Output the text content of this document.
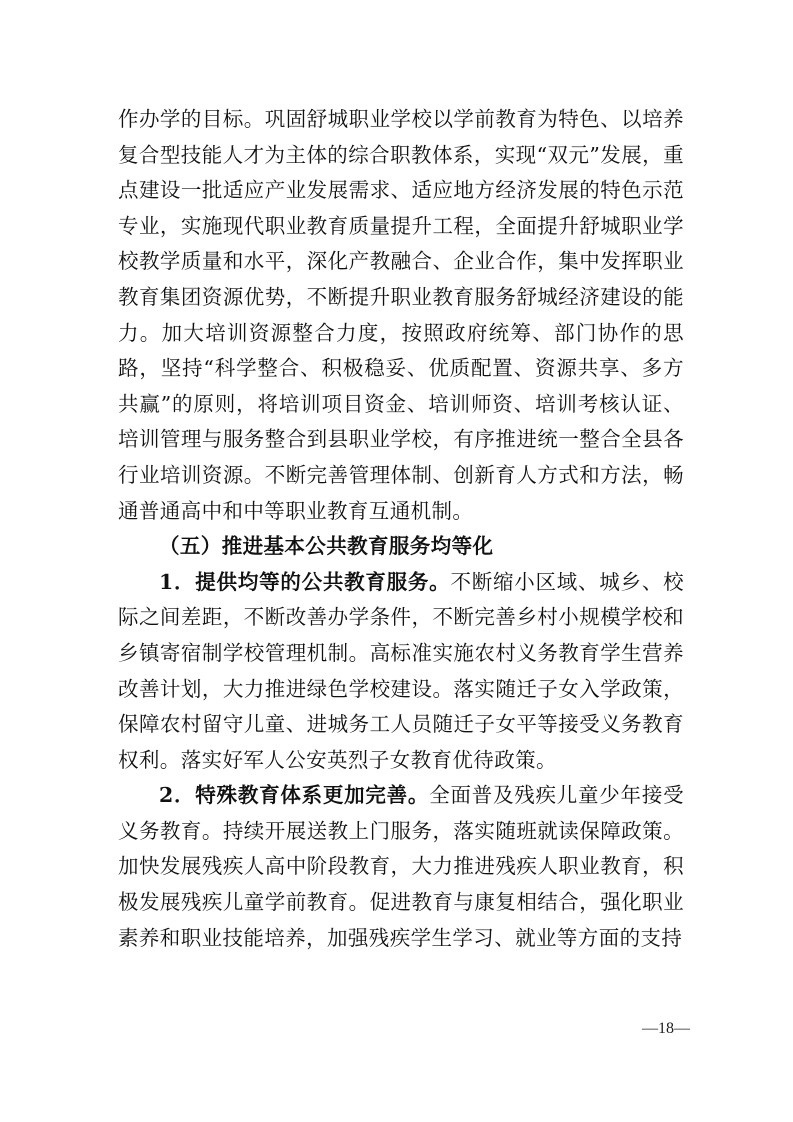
作办学的目标。巩固舒城职业学校以学前教育为特色、以培养复合型技能人才为主体的综合职教体系，实现“双元”发展，重点建设一批适应产业发展需求、适应地方经济发展的特色示范专业，实施现代职业教育质量提升工程，全面提升舒城职业学校教学质量和水平，深化产教融合、企业合作，集中发挥职业教育集团资源优势，不断提升职业教育服务舒城经济建设的能力。加大培训资源整合力度，按照政府统筹、部门协作的思路，坚持“科学整合、积极稳妥、优质配置、资源共享、多方共赢”的原则，将培训项目资金、培训师资、培训考核认证、培训管理与服务整合到县职业学校，有序推进统一整合全县各行业培训资源。不断完善管理体制、创新育人方式和方法，畅通普通高中和中等职业教育互通机制。

（五）推进基本公共教育服务均等化

1．提供均等的公共教育服务。不断缩小区域、城乡、校际之间差距，不断改善办学条件，不断完善乡村小规模学校和乡镇寄宿制学校管理机制。高标准实施农村义务教育学生营养改善计划，大力推进绿色学校建设。落实随迁子女入学政策，保障农村留守儿童、进城务工人员随迁子女平等接受义务教育权利。落实好军人公安英烈子女教育优待政策。

2．特殊教育体系更加完善。全面普及残疾儿童少年接受义务教育。持续开展送教上门服务，落实随班就读保障政策。加快发展残疾人高中阶段教育，大力推进残疾人职业教育，积极发展残疾儿童学前教育。促进教育与康复相结合，强化职业素养和职业技能培养，加强残疾学生学习、就业等方面的支持

—18—
